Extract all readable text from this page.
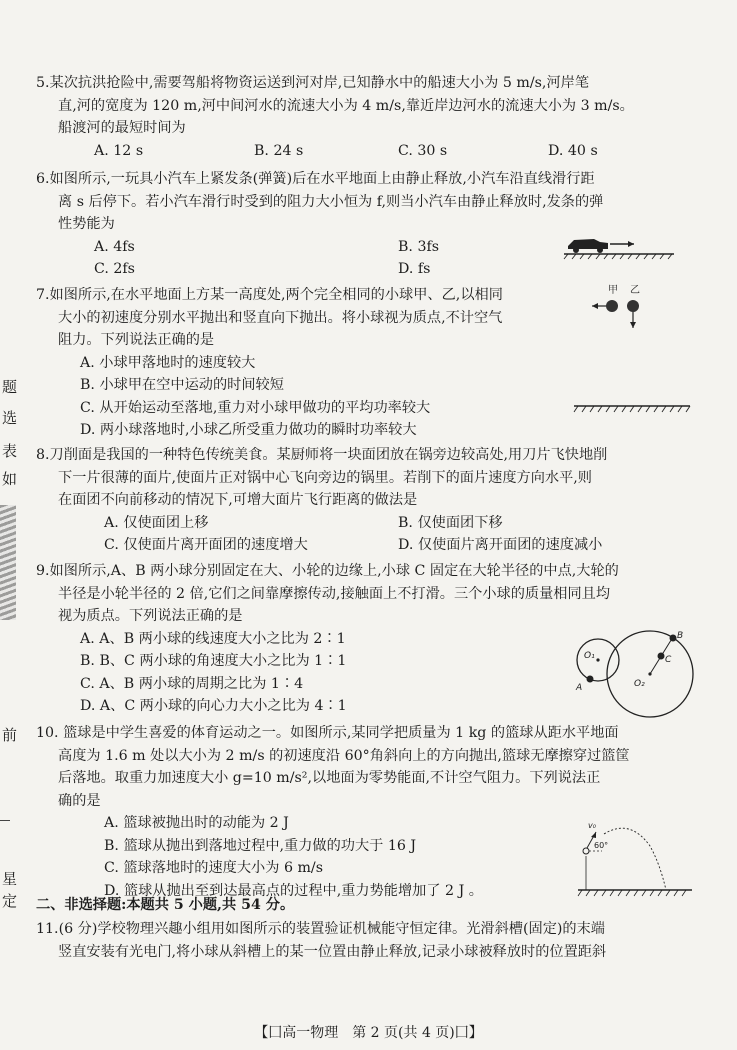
题
选
表
如
前
星
定
5.某次抗洪抢险中,需要驾船将物资运送到河对岸,已知静水中的船速大小为 5 m/s,河岸笔
直,河的宽度为 120 m,河中间河水的流速大小为 4 m/s,靠近岸边河水的流速大小为 3 m/s。
船渡河的最短时间为
A. 12 s	B. 24 s	C. 30 s	D. 40 s
6.如图所示,一玩具小汽车上紧发条(弹簧)后在水平地面上由静止释放,小汽车沿直线滑行距
离 s 后停下。若小汽车滑行时受到的阻力大小恒为 f,则当小汽车由静止释放时,发条的弹
性势能为
A. 4fs	B. 3fs
C. 2fs	D. fs
7.如图所示,在水平地面上方某一高度处,两个完全相同的小球甲、乙,以相同
大小的初速度分别水平抛出和竖直向下抛出。将小球视为质点,不计空气
阻力。下列说法正确的是
A. 小球甲落地时的速度较大
B. 小球甲在空中运动的时间较短
C. 从开始运动至落地,重力对小球甲做功的平均功率较大
D. 两小球落地时,小球乙所受重力做功的瞬时功率较大
甲 乙
8.刀削面是我国的一种特色传统美食。某厨师将一块面团放在锅旁边较高处,用刀片飞快地削
下一片很薄的面片,使面片正对锅中心飞向旁边的锅里。若削下的面片速度方向水平,则
在面团不向前移动的情况下,可增大面片飞行距离的做法是
A. 仅使面团上移	B. 仅使面团下移
C. 仅使面片离开面团的速度增大	D. 仅使面片离开面团的速度减小
9.如图所示,A、B 两小球分别固定在大、小轮的边缘上,小球 C 固定在大轮半径的中点,大轮的
半径是小轮半径的 2 倍,它们之间靠摩擦传动,接触面上不打滑。三个小球的质量相同且均
视为质点。下列说法正确的是
A. A、B 两小球的线速度大小之比为 2∶1
B. B、C 两小球的角速度大小之比为 1∶1
C. A、B 两小球的周期之比为 1∶4
D. A、C 两小球的向心力大小之比为 4∶1
O₁
A
B
C
O₂
10. 篮球是中学生喜爱的体育运动之一。如图所示,某同学把质量为 1 kg 的篮球从距水平地面
高度为 1.6 m 处以大小为 2 m/s 的初速度沿 60°角斜向上的方向抛出,篮球无摩擦穿过篮筐
后落地。取重力加速度大小 g=10 m/s²,以地面为零势能面,不计空气阻力。下列说法正
确的是
A. 篮球被抛出时的动能为 2 J
B. 篮球从抛出到落地过程中,重力做的功大于 16 J
C. 篮球落地时的速度大小为 6 m/s
D. 篮球从抛出至到达最高点的过程中,重力势能增加了 2 J 。
v₀
60°
二、非选择题:本题共 5 小题,共 54 分。
11.(6 分)学校物理兴趣小组用如图所示的装置验证机械能守恒定律。光滑斜槽(固定)的末端
竖直安装有光电门,将小球从斜槽上的某一位置由静止释放,记录小球被释放时的位置距斜
【囗高一物理　第 2 页(共 4 页)囗】
